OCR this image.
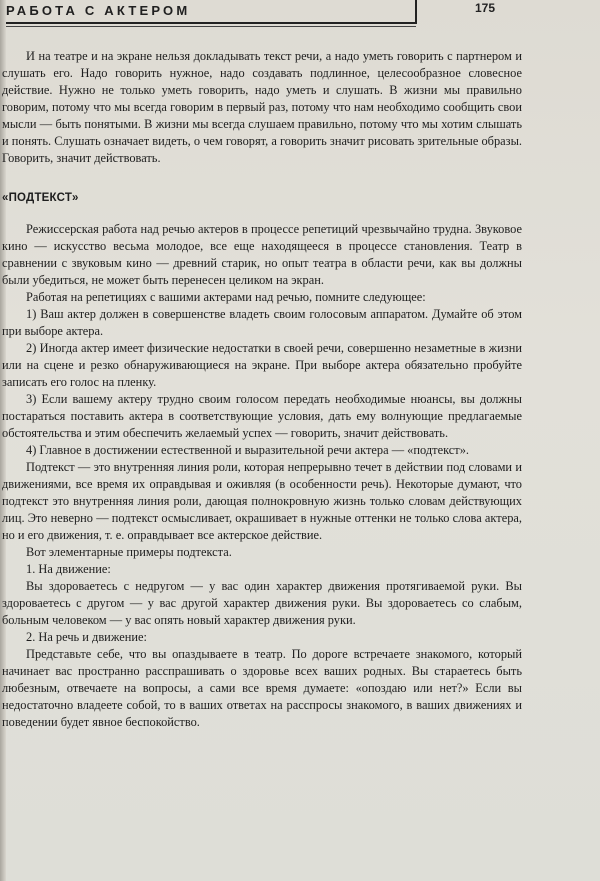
РАБОТА С АКТЕРОМ	175

И на театре и на экране нельзя докладывать текст речи, а надо уметь говорить с партнером и слушать его. Надо говорить нужное, надо создавать подлинное, целесообразное словесное действие. Нужно не только уметь говорить, надо уметь и слушать. В жизни мы правильно говорим, потому что мы всегда говорим в первый раз, потому что нам необходимо сообщить свои мысли — быть понятыми. В жизни мы всегда слушаем правильно, потому что мы хотим слышать и понять. Слушать означает видеть, о чем говорят, а говорить значит рисовать зрительные образы. Говорить, значит действовать.

«ПОДТЕКСТ»

Режиссерская работа над речью актеров в процессе репетиций чрезвычайно трудна. Звуковое кино — искусство весьма молодое, все еще находящееся в процессе становления. Театр в сравнении с звуковым кино — древний старик, но опыт театра в области речи, как вы должны были убедиться, не может быть перенесен целиком на экран.

Работая на репетициях с вашими актерами над речью, помните следующее:

1) Ваш актер должен в совершенстве владеть своим голосовым аппаратом. Думайте об этом при выборе актера.

2) Иногда актер имеет физические недостатки в своей речи, совершенно незаметные в жизни или на сцене и резко обнаруживающиеся на экране. При выборе актера обязательно пробуйте записать его голос на пленку.

3) Если вашему актеру трудно своим голосом передать необходимые нюансы, вы должны постараться поставить актера в соответствующие условия, дать ему волнующие предлагаемые обстоятельства и этим обеспечить желаемый успех — говорить, значит действовать.

4) Главное в достижении естественной и выразительной речи актера — «подтекст».

Подтекст — это внутренняя линия роли, которая непрерывно течет в действии под словами и движениями, все время их оправдывая и оживляя (в особенности речь). Некоторые думают, что подтекст это внутренняя линия роли, дающая полнокровную жизнь только словам действующих лиц. Это неверно — подтекст осмысливает, окрашивает в нужные оттенки не только слова актера, но и его движения, т. е. оправдывает все актерское действие.

Вот элементарные примеры подтекста.

1. На движение:

Вы здороваетесь с недругом — у вас один характер движения протягиваемой руки. Вы здороваетесь с другом — у вас другой характер движения руки. Вы здороваетесь со слабым, больным человеком — у вас опять новый характер движения руки.

2. На речь и движение:

Представьте себе, что вы опаздываете в театр. По дороге встречаете знакомого, который начинает вас пространно расспрашивать о здоровье всех ваших родных. Вы стараетесь быть любезным, отвечаете на вопросы, а сами все время думаете: «опоздаю или нет?» Если вы недостаточно владеете собой, то в ваших ответах на расспросы знакомого, в ваших движениях и поведении будет явное беспокойство.
